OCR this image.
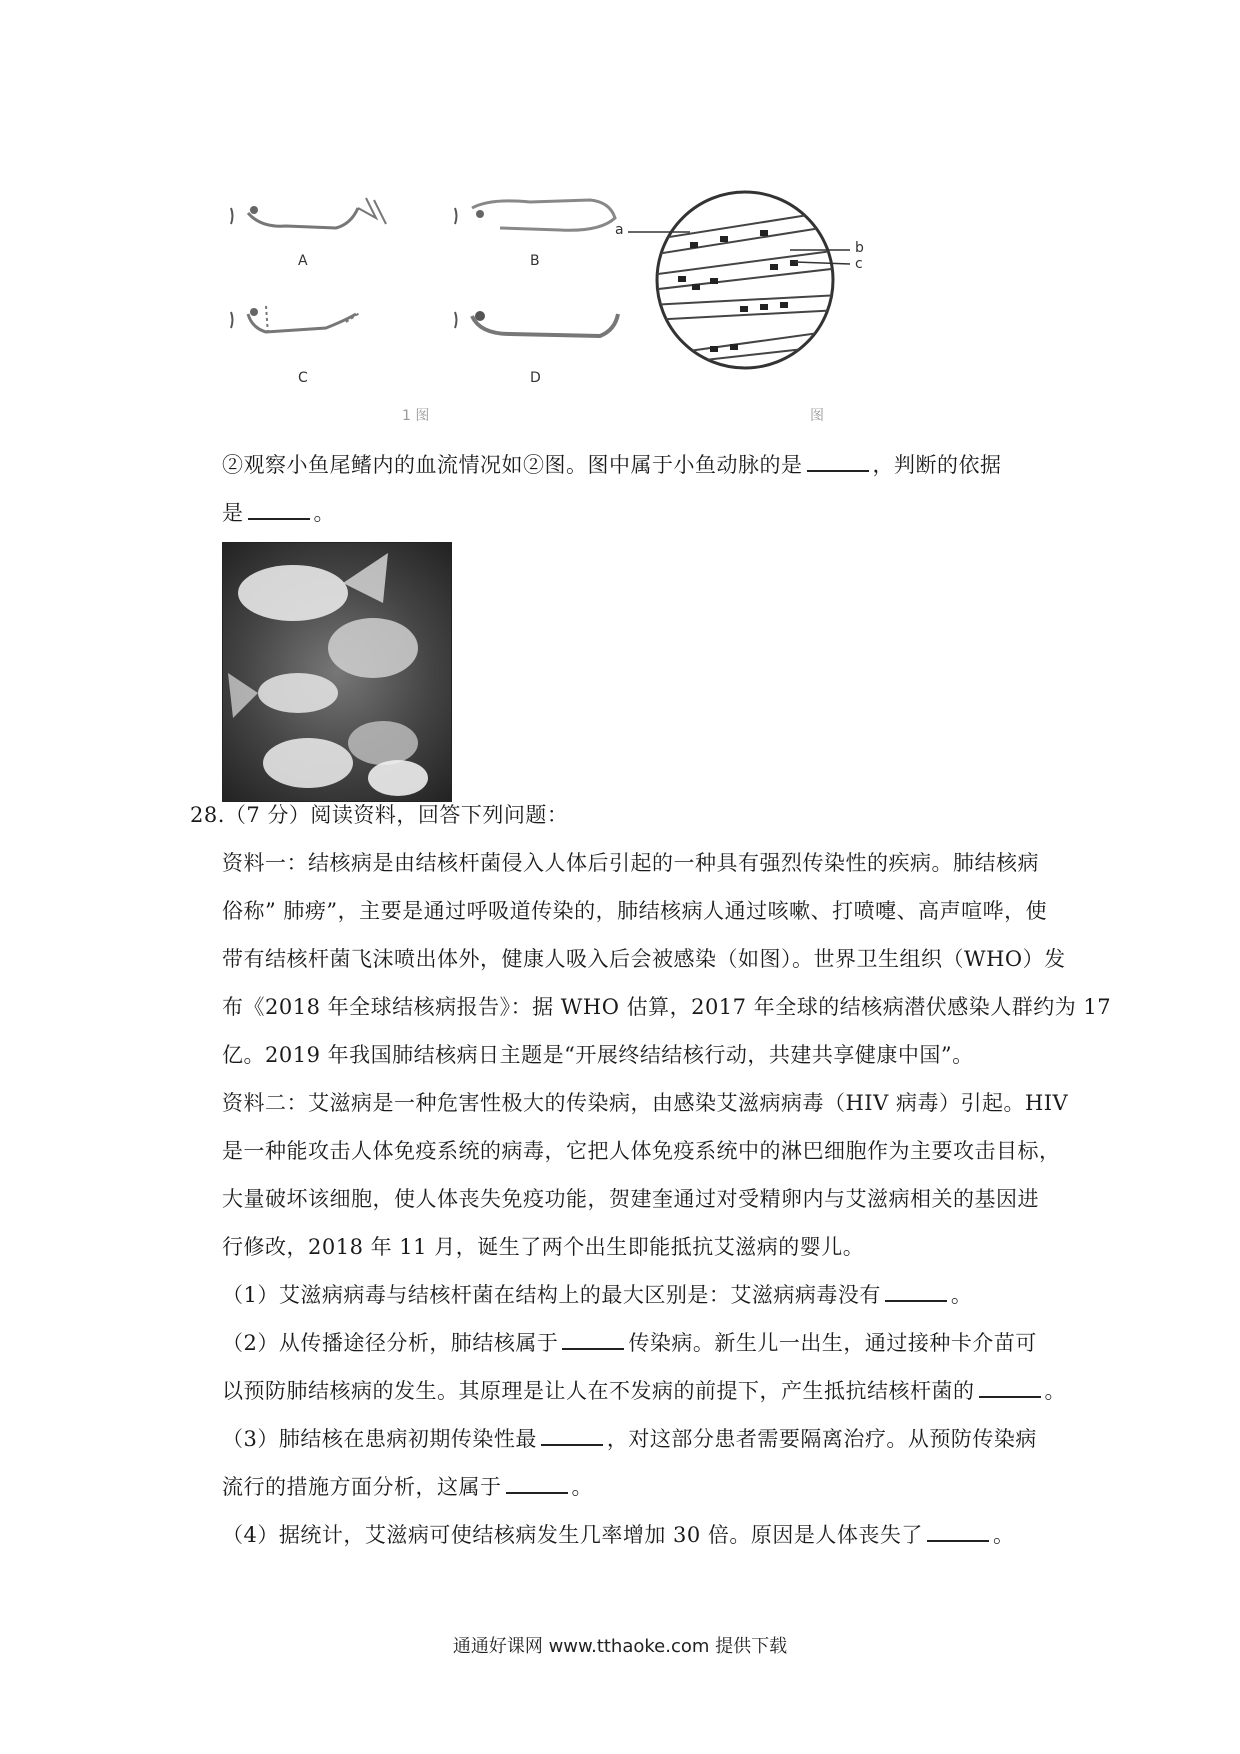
A	B
C	D
a
b
c
1 图	图
②观察小鱼尾鳍内的血流情况如②图。图中属于小鱼动脉的是	，判断的依据
是	。
28.（7 分）阅读资料，回答下列问题：
资料一：结核病是由结核杆菌侵入人体后引起的一种具有强烈传染性的疾病。肺结核病
俗称” 肺痨”，主要是通过呼吸道传染的，肺结核病人通过咳嗽、打喷嚏、高声喧哗，使
带有结核杆菌飞沫喷出体外，健康人吸入后会被感染（如图）。世界卫生组织（WHO）发
布《2018 年全球结核病报告》：据 WHO 估算，2017 年全球的结核病潜伏感染人群约为 17
亿。2019 年我国肺结核病日主题是“开展终结结核行动，共建共享健康中国”。
资料二：艾滋病是一种危害性极大的传染病，由感染艾滋病病毒（HIV 病毒）引起。HIV
是一种能攻击人体免疫系统的病毒，它把人体免疫系统中的淋巴细胞作为主要攻击目标，
大量破坏该细胞，使人体丧失免疫功能，贺建奎通过对受精卵内与艾滋病相关的基因进
行修改，2018 年 11 月，诞生了两个出生即能抵抗艾滋病的婴儿。
（1）艾滋病病毒与结核杆菌在结构上的最大区别是：艾滋病病毒没有	。
（2）从传播途径分析，肺结核属于	传染病。新生儿一出生，通过接种卡介苗可
以预防肺结核病的发生。其原理是让人在不发病的前提下，产生抵抗结核杆菌的	。
（3）肺结核在患病初期传染性最	，对这部分患者需要隔离治疗。从预防传染病
流行的措施方面分析，这属于	。
（4）据统计，艾滋病可使结核病发生几率增加 30 倍。原因是人体丧失了	。
通通好课网 www.tthaoke.com 提供下载
